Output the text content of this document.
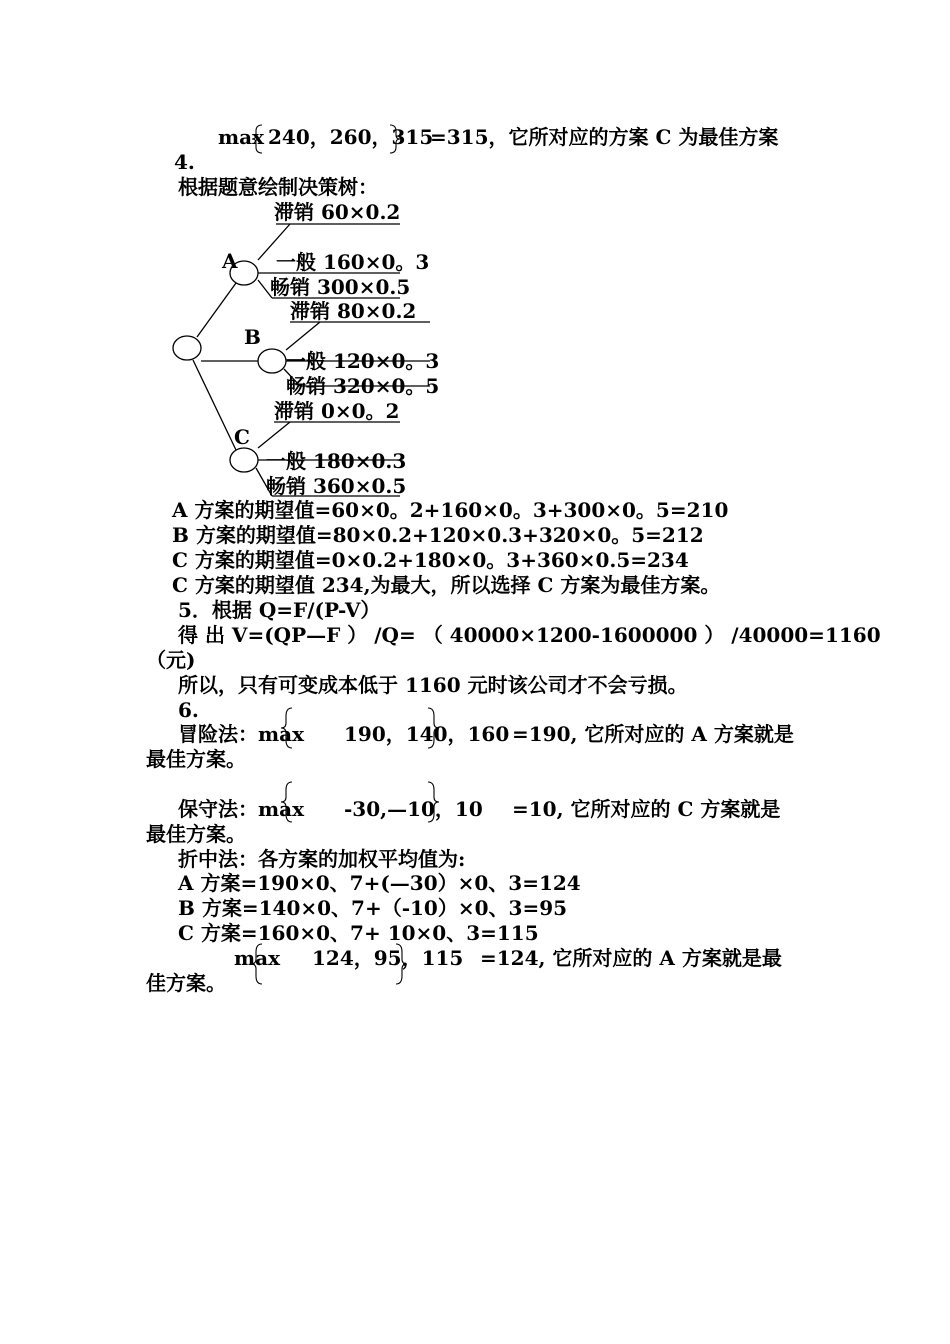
max 240，260，315
=315，它所对应的方案 C 为最佳方案
4.
根据题意绘制决策树：
滞销 60×0.2
A 一般 160×0。3
畅销 300×0.5
滞销 80×0.2
B
一般 120×0。3
畅销 320×0。5
滞销 0×0。2
C
一般 180×0.3
畅销 360×0.5
A 方案的期望值=60×0。2+160×0。3+300×0。5=210
B 方案的期望值=80×0.2+120×0.3+320×0。5=212
C 方案的期望值=0×0.2+180×0。3+360×0.5=234
C 方案的期望值 234,为最大，所以选择 C 方案为最佳方案。
5．根据 Q=F/(P-V）
得 出 V=(QP—F ） /Q= （ 40000×1200-1600000 ） /40000=1160
（元)
所以，只有可变成本低于 1160 元时该公司才不会亏损。
6.
冒险法：max 190，140，160 =190, 它所对应的 A 方案就是
最佳方案。
保守法：max -30,—10，10 =10, 它所对应的 C 方案就是
最佳方案。
折中法：各方案的加权平均值为:
A 方案=190×0、7+(—30）×0、3=124
B 方案=140×0、7+（-10）×0、3=95
C 方案=160×0、7+ 10×0、3=115
max 124，95，115 =124, 它所对应的 A 方案就是最
佳方案。
